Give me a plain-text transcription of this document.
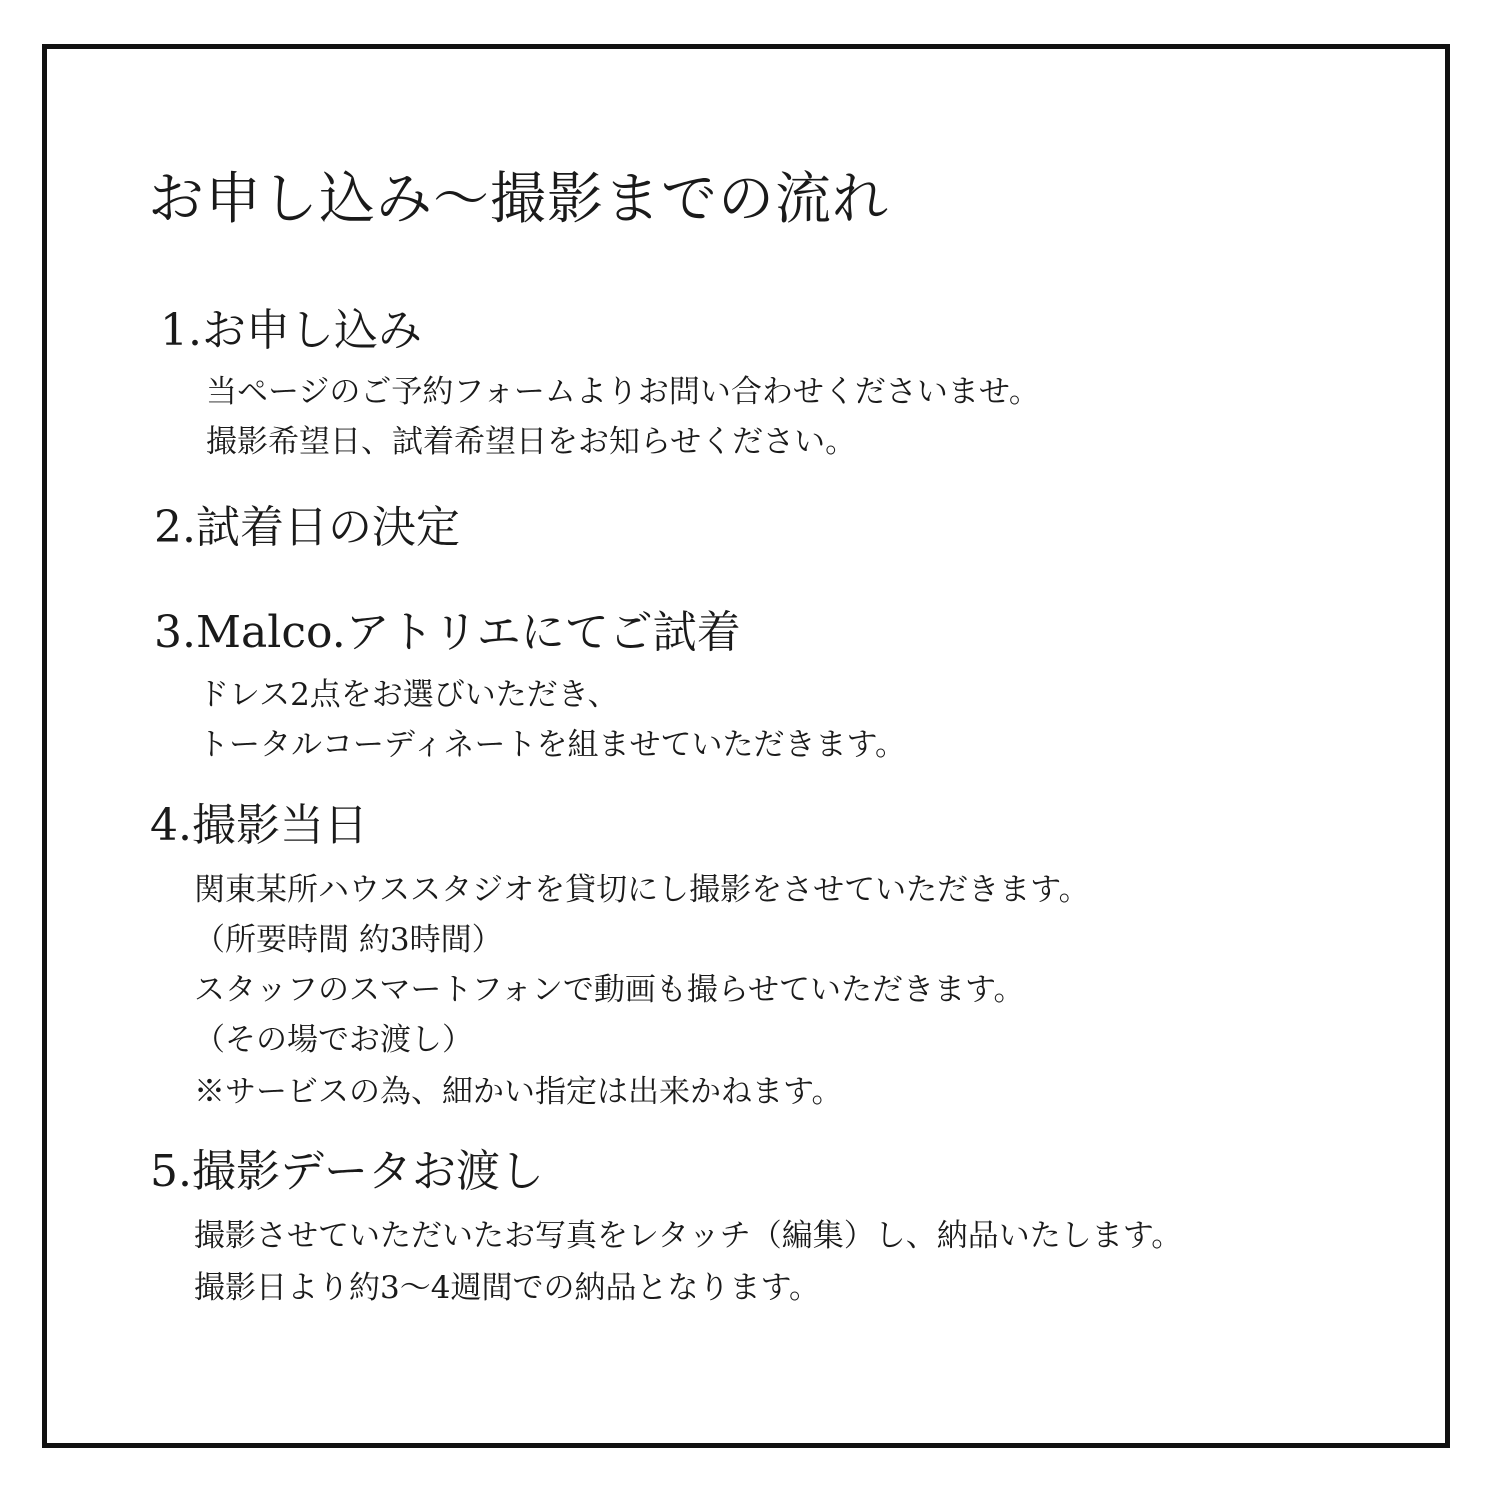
お申し込み〜撮影までの流れ
1.お申し込み

当ページのご予約フォームよりお問い合わせくださいませ。

撮影希望日、試着希望日をお知らせください。

2.試着日の決定
3.Malco.アトリエにてご試着

ドレス2点をお選びいただき、

トータルコーディネートを組ませていただきます。

4.撮影当日

関東某所ハウススタジオを貸切にし撮影をさせていただきます。

（所要時間 約3時間）

スタッフのスマートフォンで動画も撮らせていただきます。

（その場でお渡し）

※サービスの為、細かい指定は出来かねます。

5.撮影データお渡し

撮影させていただいたお写真をレタッチ（編集）し、納品いたします。

撮影日より約3〜4週間での納品となります。
